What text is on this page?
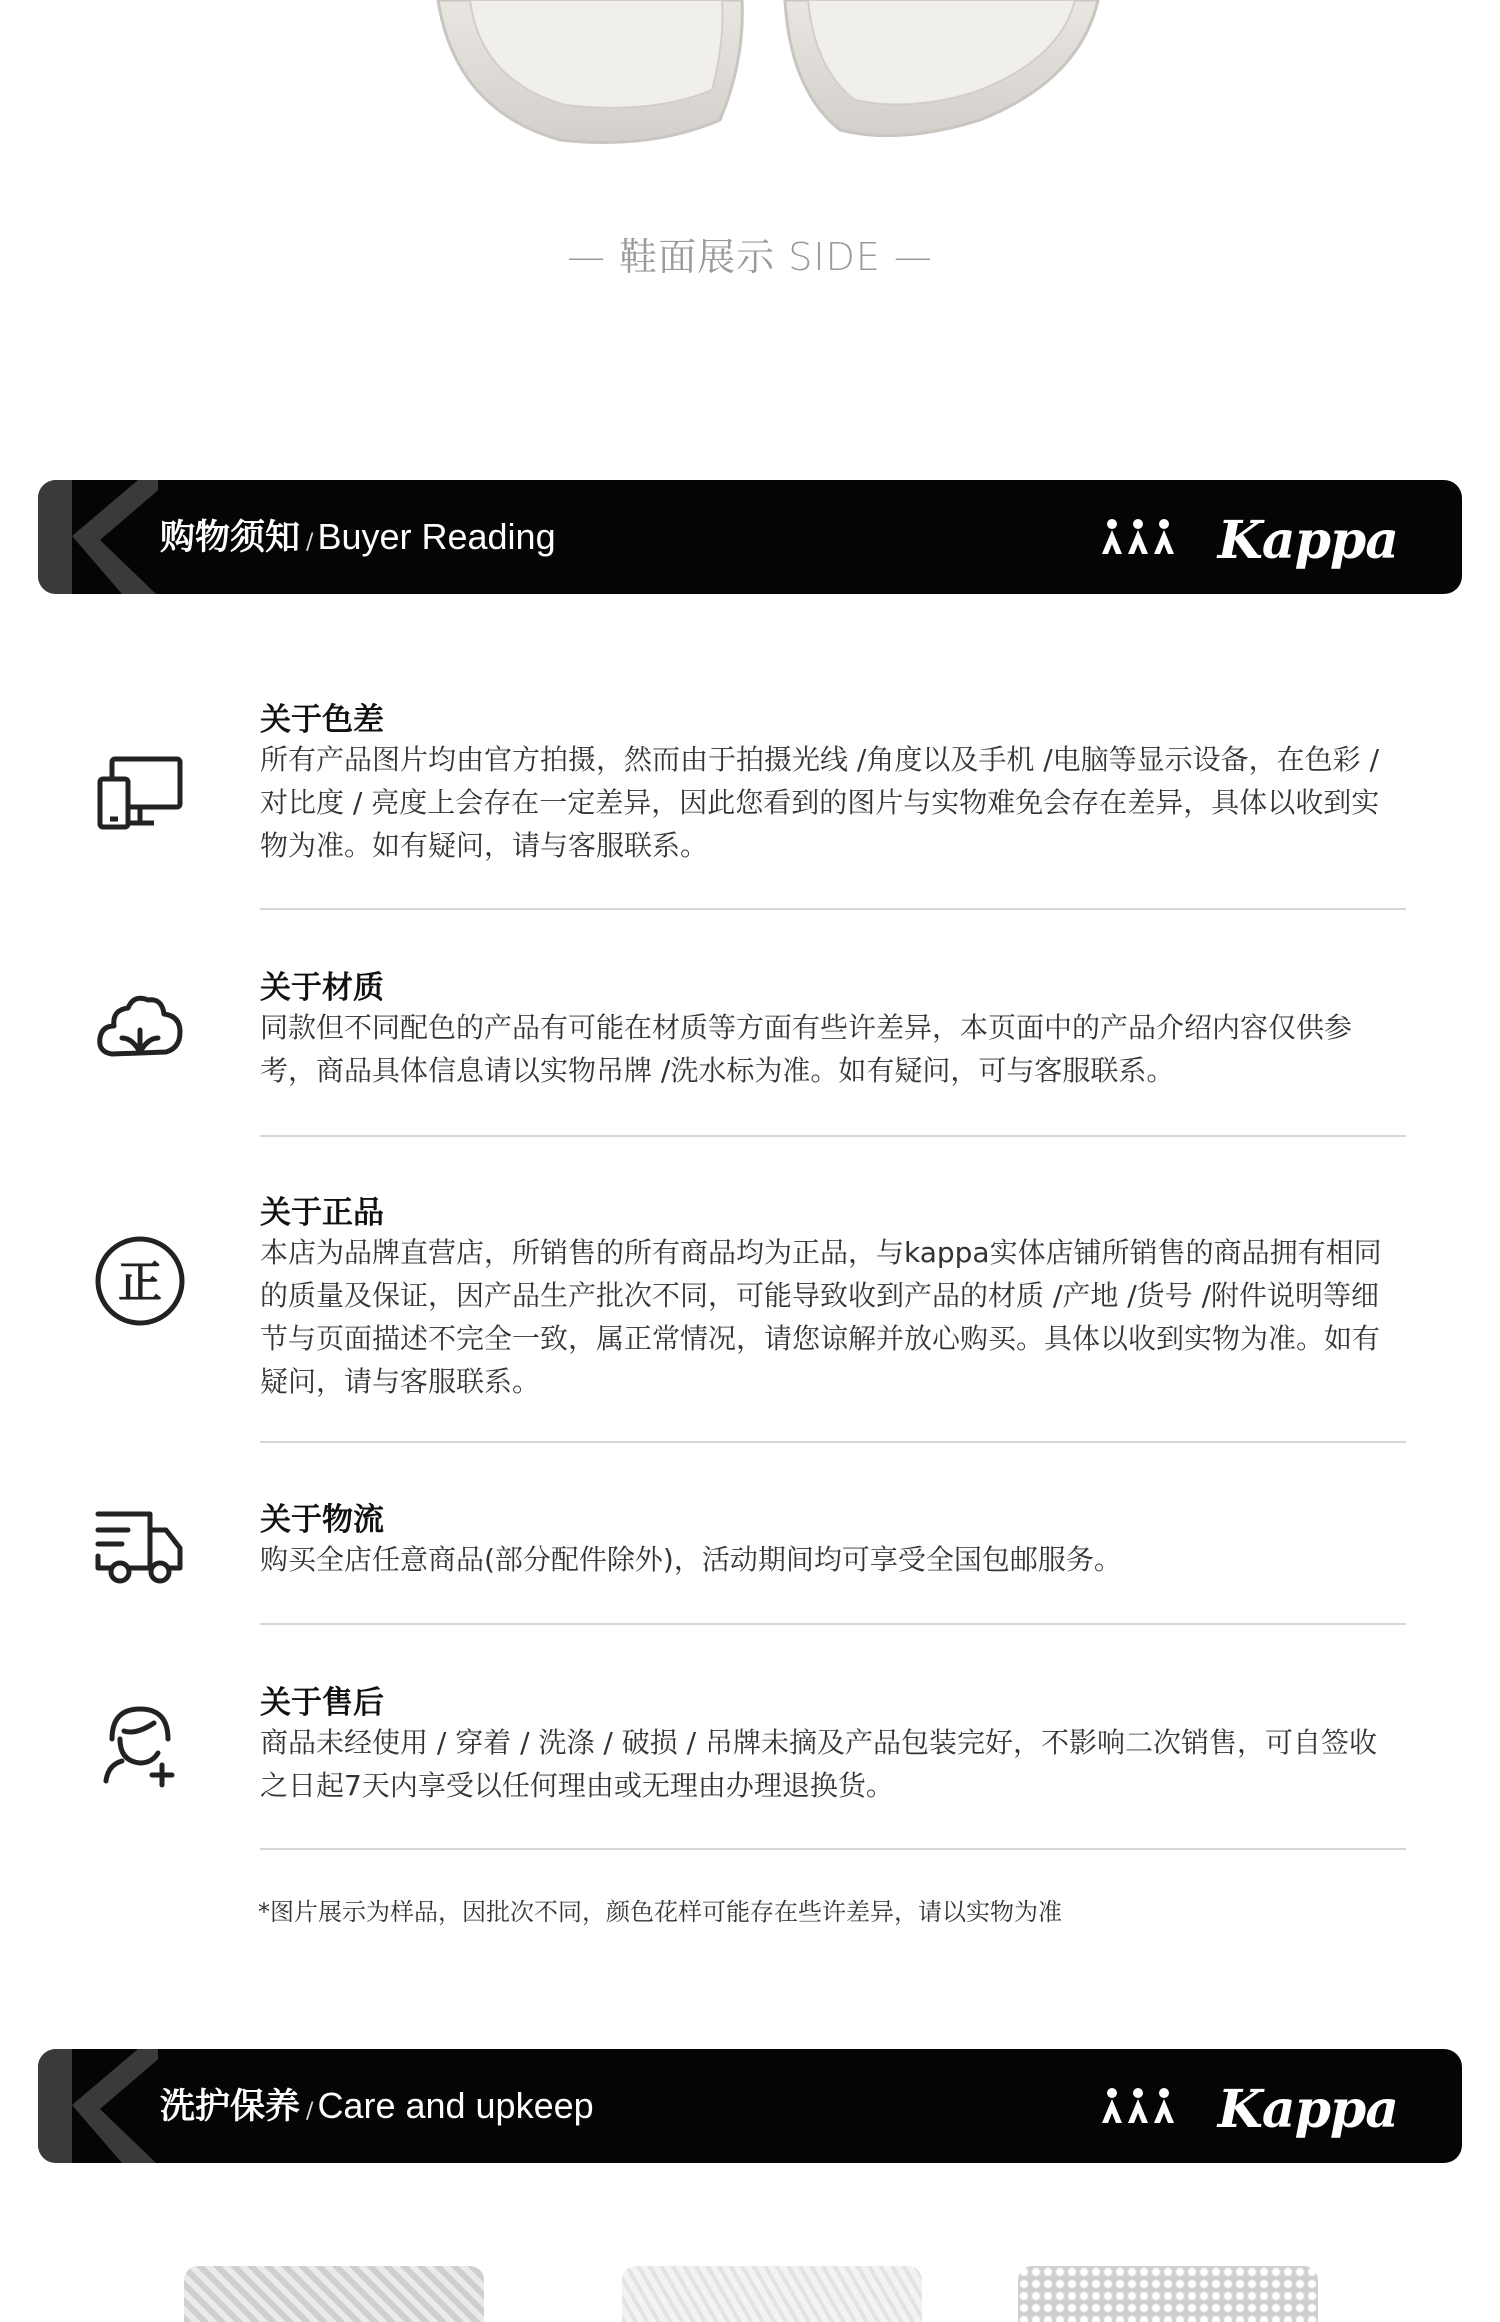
— 鞋面展示 SIDE —
购物须知 / Buyer Reading	Kappa
关于色差
所有产品图片均由官方拍摄，然而由于拍摄光线 /角度以及手机 /电脑等显示设备，在色彩 / 对比度 / 亮度上会存在一定差异，因此您看到的图片与实物难免会存在差异，具体以收到实物为准。如有疑问，请与客服联系。
关于材质
同款但不同配色的产品有可能在材质等方面有些许差异，本页面中的产品介绍内容仅供参考，商品具体信息请以实物吊牌 /洗水标为准。如有疑问，可与客服联系。
正
关于正品
本店为品牌直营店，所销售的所有商品均为正品，与kappa实体店铺所销售的商品拥有相同的质量及保证，因产品生产批次不同，可能导致收到产品的材质 /产地 /货号 /附件说明等细节与页面描述不完全一致，属正常情况，请您谅解并放心购买。具体以收到实物为准。如有疑问，请与客服联系。
关于物流
购买全店任意商品(部分配件除外)，活动期间均可享受全国包邮服务。
关于售后
商品未经使用 / 穿着 / 洗涤 / 破损 / 吊牌未摘及产品包装完好，不影响二次销售，可自签收之日起7天内享受以任何理由或无理由办理退换货。
*图片展示为样品，因批次不同，颜色花样可能存在些许差异，请以实物为准
洗护保养 / Care and upkeep	Kappa
